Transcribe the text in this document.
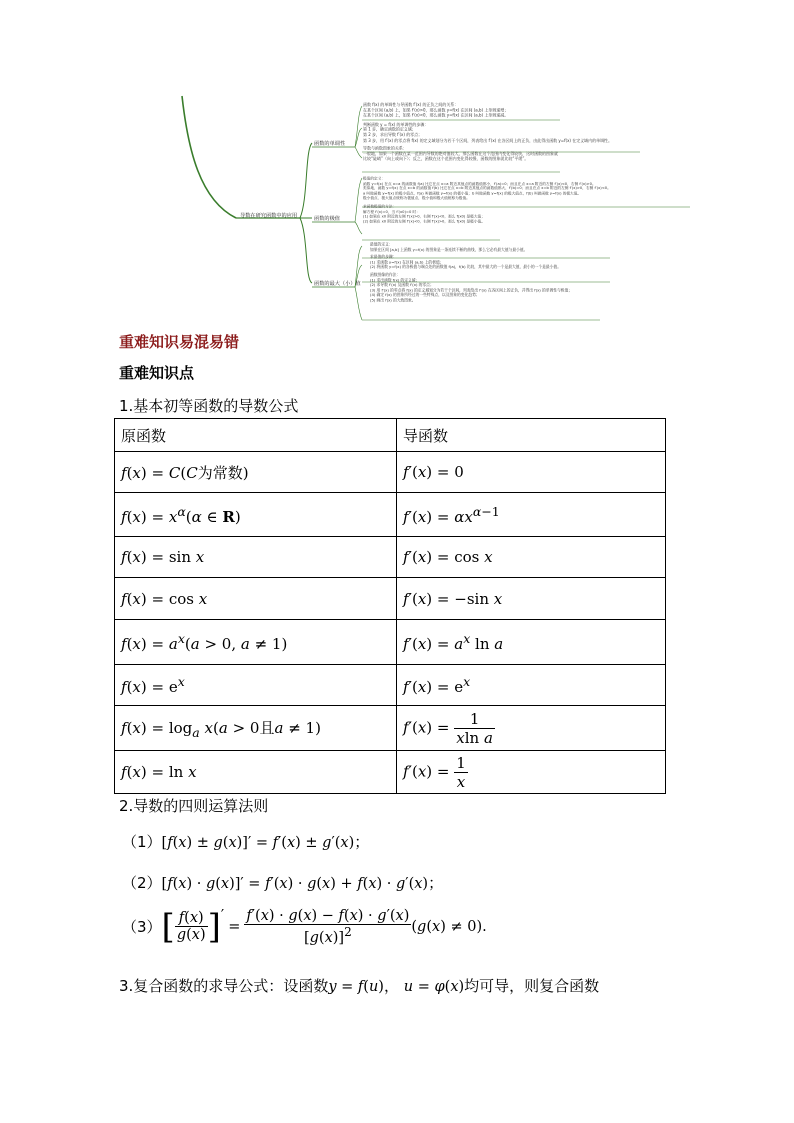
导数在研究函数中的应用
函数的单调性
函数的极值
函数的最大（小）值
函数 f(x) 的单调性与导函数 f′(x) 的正负之间的关系：
在某个区间 (a,b) 上，如果 f′(x)>0，那么函数 y=f(x) 在区间 (a,b) 上单调递增；
在某个区间 (a,b) 上，如果 f′(x)<0，那么函数 y=f(x) 在区间 (a,b) 上单调递减。
判断函数 y = f(x) 的单调性的步骤：
第 1 步，确定函数的定义域；
第 2 步，求出导数 f′(x) 的零点；
第 3 步，用 f′(x) 的零点将 f(x) 的定义域划分为若干个区间，列表给出 f′(x) 在各区间上的正负，由此得出函数 y=f(x) 在定义域内的单调性。
导数与函数图象的关系：
一般地，如果一个函数在某一范围内导数的绝对值较大，那么函数在这个范围内变化得较快，这时函数的图象就
比较“陡峭”（向上或向下）；反之，函数在这个范围内变化得较慢，函数的图象就比较“平缓”。
极值的定义：
函数 y=f(x) 在点 x=a 的函数值 f(a) 比它在点 x=a 附近其他点的函数值都小，f′(a)=0；而且在点 x=a 附近的左侧 f′(x)<0，右侧 f′(x)>0。
类似地，函数 y=f(x) 在点 x=b 的函数值 f(b) 比它在点 x=b 附近其他点的函数值都大，f′(b)=0；而且在点 x=b 附近的左侧 f′(x)>0，右侧 f′(x)<0。
a 叫做函数 y=f(x) 的极小值点，f(a) 叫做函数 y=f(x) 的极小值；b 叫做函数 y=f(x) 的极大值点，f(b) 叫做函数 y=f(x) 的极大值。
极小值点、极大值点统称为极值点，极小值和极大值统称为极值。
求函数极值的方法：
解方程 f′(x)=0，当 f′(x0)=0 时：
(1) 如果在 x0 附近的左侧 f′(x)>0，右侧 f′(x)<0，那么 f(x0) 是极大值；
(2) 如果在 x0 附近的左侧 f′(x)<0，右侧 f′(x)>0，那么 f(x0) 是极小值。
最值的定义：
如果在区间 [a,b] 上函数 y=f(x) 的图象是一条连续不断的曲线，那么它必有最大值与最小值。
求最值的步骤：
(1) 求函数 y=f(x) 在区间 (a,b) 上的极值；
(2) 将函数 y=f(x) 的各极值与端点处的函数值 f(a)，f(b) 比较，其中最大的一个是最大值，最小的一个是最小值。
函数图像的作法：
(1) 求出函数 f(x) 的定义域；
(2) 求导数 f′(x) 及函数 f′(x) 的零点；
(3) 用 f′(x) 的零点将 f(x) 的定义域划分为若干个区间，列表给出 f′(x) 在各区间上的正负，并得出 f(x) 的单调性与极值；
(4) 确定 f(x) 的图象所经过的一些特殊点，以及图象的变化趋势；
(5) 画出 f(x) 的大致图象。
重难知识易混易错
重难知识点
1.基本初等函数的导数公式
原函数	导函数
f(x) = C(C为常数)	f′(x) = 0
$f(x) = x^\alpha(\alpha$ ∈ R)	$f'(x) = \alpha x^{\alpha-1}$
f(x) = sin x	f′(x) = cos x
f(x) = cos x	f′(x) = −sin x
$f(x) = a^x(a > 0$, a ≠ 1)	$f'(x) = a^x$ ln a
$f(x) = e^x$	$f'(x) = e^x$
$f(x) = \log_a x(a > 0$且a ≠ 1)	$f'(x) = \frac{1}{\text{xln a}}$

f(x) = ln x	$f'(x) = \frac{1}{x}$
2.导数的四则运算法则
（1）[f(x) ± g(x)]′ = f′(x) ± g′(x)；
（2）[f(x) · g(x)]′ = f′(x) · g(x) + f(x) · g′(x)；
（3） [ f(x)
g(x) ] ′
= $\frac{f'(x) \cdot g(x) - f(x) \cdot g'(x)}{[g(x)]^2} (g(x) \ne 0)$ .
3.复合函数的求导公式：设函数y = f(u)， u = φ(x)均可导，则复合函数
